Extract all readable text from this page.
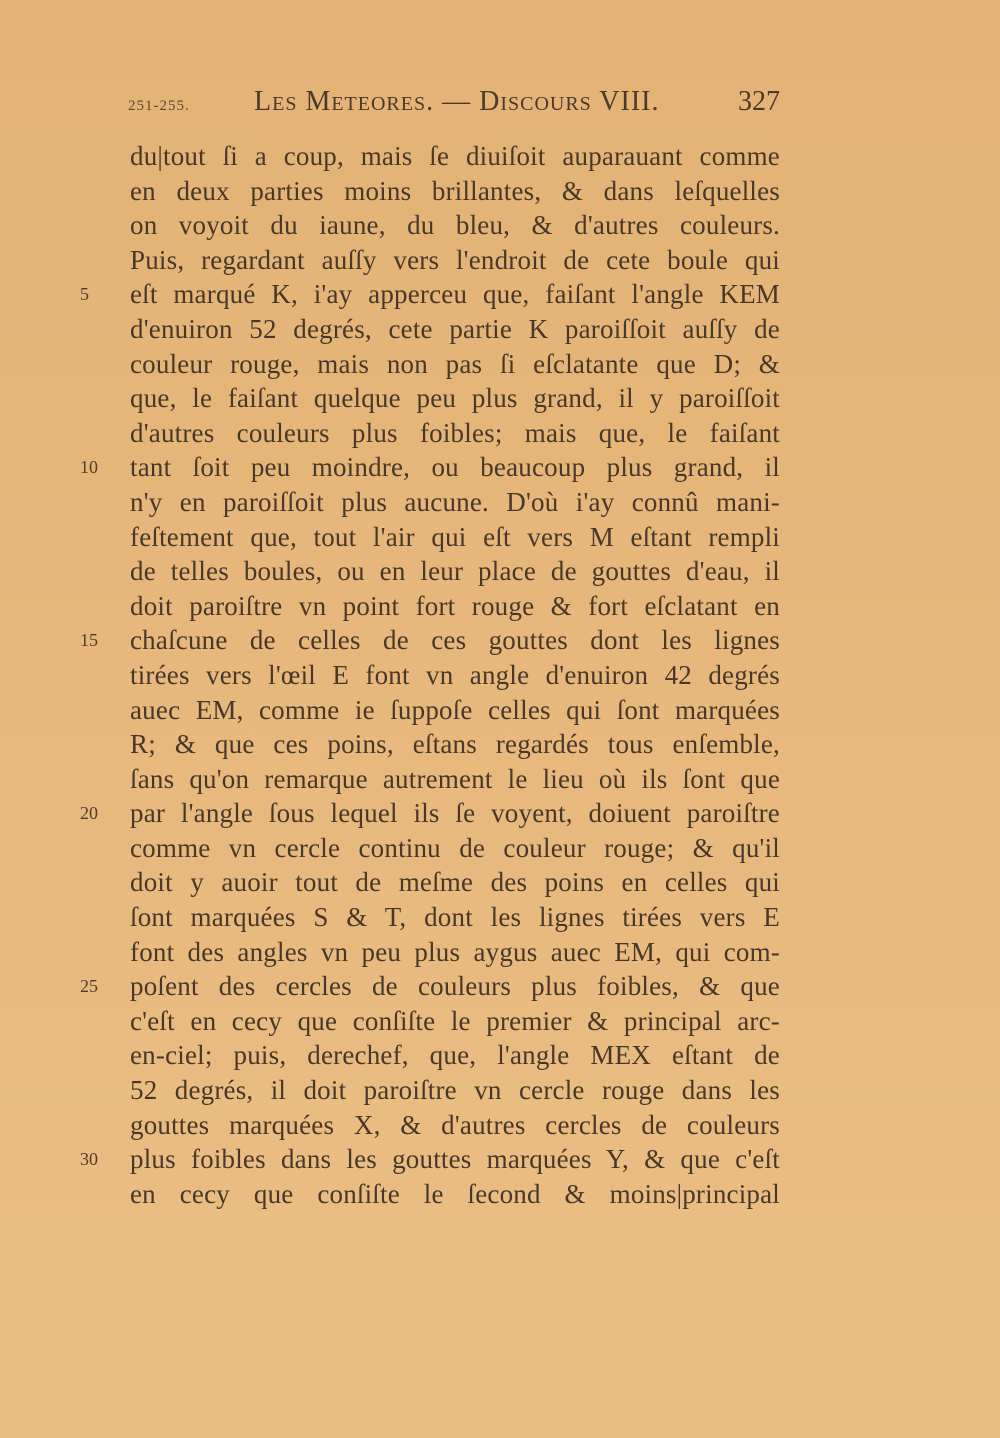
251-255. Les Meteores. — Discours VIII.	327
5
10
15
20
25
30
du|tout ſi a coup, mais ſe diuiſoit auparauant comme
en deux parties moins brillantes, & dans leſquelles
on voyoit du iaune, du bleu, & d'autres couleurs.
Puis, regardant auſſy vers l'endroit de cete boule qui
eſt marqué K, i'ay apperceu que, faiſant l'angle KEM
d'enuiron 52 degrés, cete partie K paroiſſoit auſſy de
couleur rouge, mais non pas ſi eſclatante que D; &
que, le faiſant quelque peu plus grand, il y paroiſſoit
d'autres couleurs plus foibles; mais que, le faiſant
tant ſoit peu moindre, ou beaucoup plus grand, il
n'y en paroiſſoit plus aucune. D'où i'ay connû mani-
feſtement que, tout l'air qui eſt vers M eſtant rempli
de telles boules, ou en leur place de gouttes d'eau, il
doit paroiſtre vn point fort rouge & fort eſclatant en
chaſcune de celles de ces gouttes dont les lignes
tirées vers l'œil E font vn angle d'enuiron 42 degrés
auec EM, comme ie ſuppoſe celles qui ſont marquées
R; & que ces poins, eſtans regardés tous enſemble,
ſans qu'on remarque autrement le lieu où ils ſont que
par l'angle ſous lequel ils ſe voyent, doiuent paroiſtre
comme vn cercle continu de couleur rouge; & qu'il
doit y auoir tout de meſme des poins en celles qui
ſont marquées S & T, dont les lignes tirées vers E
font des angles vn peu plus aygus auec EM, qui com-
poſent des cercles de couleurs plus foibles, & que
c'eſt en cecy que conſiſte le premier & principal arc-
en-ciel; puis, derechef, que, l'angle MEX eſtant de
52 degrés, il doit paroiſtre vn cercle rouge dans les
gouttes marquées X, & d'autres cercles de couleurs
plus foibles dans les gouttes marquées Y, & que c'eſt
en cecy que conſiſte le ſecond & moins|principal
